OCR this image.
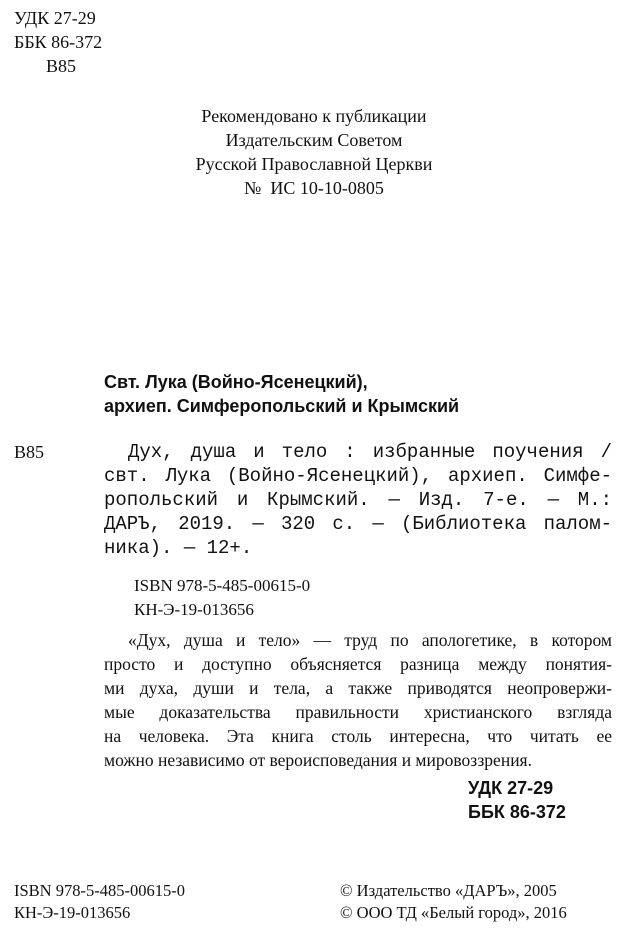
УДК 27-29
ББК 86-372
В85
Рекомендовано к публикации
Издательским Советом
Русской Православной Церкви
№  ИС 10-10-0805
Свт. Лука (Войно-Ясенецкий),
архиеп. Симферопольский и Крымский
В85	Дух, душа и тело : избранные поучения /
свт. Лука (Войно-Ясенецкий), архиеп. Симфе-
ропольский и Крымский. — Изд. 7-е. — М.:
ДАРЪ, 2019. — 320 с. — (Библиотека палом-
ника). — 12+.
ISBN 978-5-485-00615-0
КН-Э-19-013656
«Дух, душа и тело» — труд по апологетике, в котором
просто и доступно объясняется разница между понятия-
ми духа, души и тела, а также приводятся неопровержи-
мые доказательства правильности христианского взгляда
на человека. Эта книга столь интересна, что читать ее
можно независимо от вероисповедания и мировоззрения.
УДК 27-29
ББК 86-372
ISBN 978-5-485-00615-0
КН-Э-19-013656
© Издательство «ДАРЪ», 2005
© ООО ТД «Белый город», 2016
